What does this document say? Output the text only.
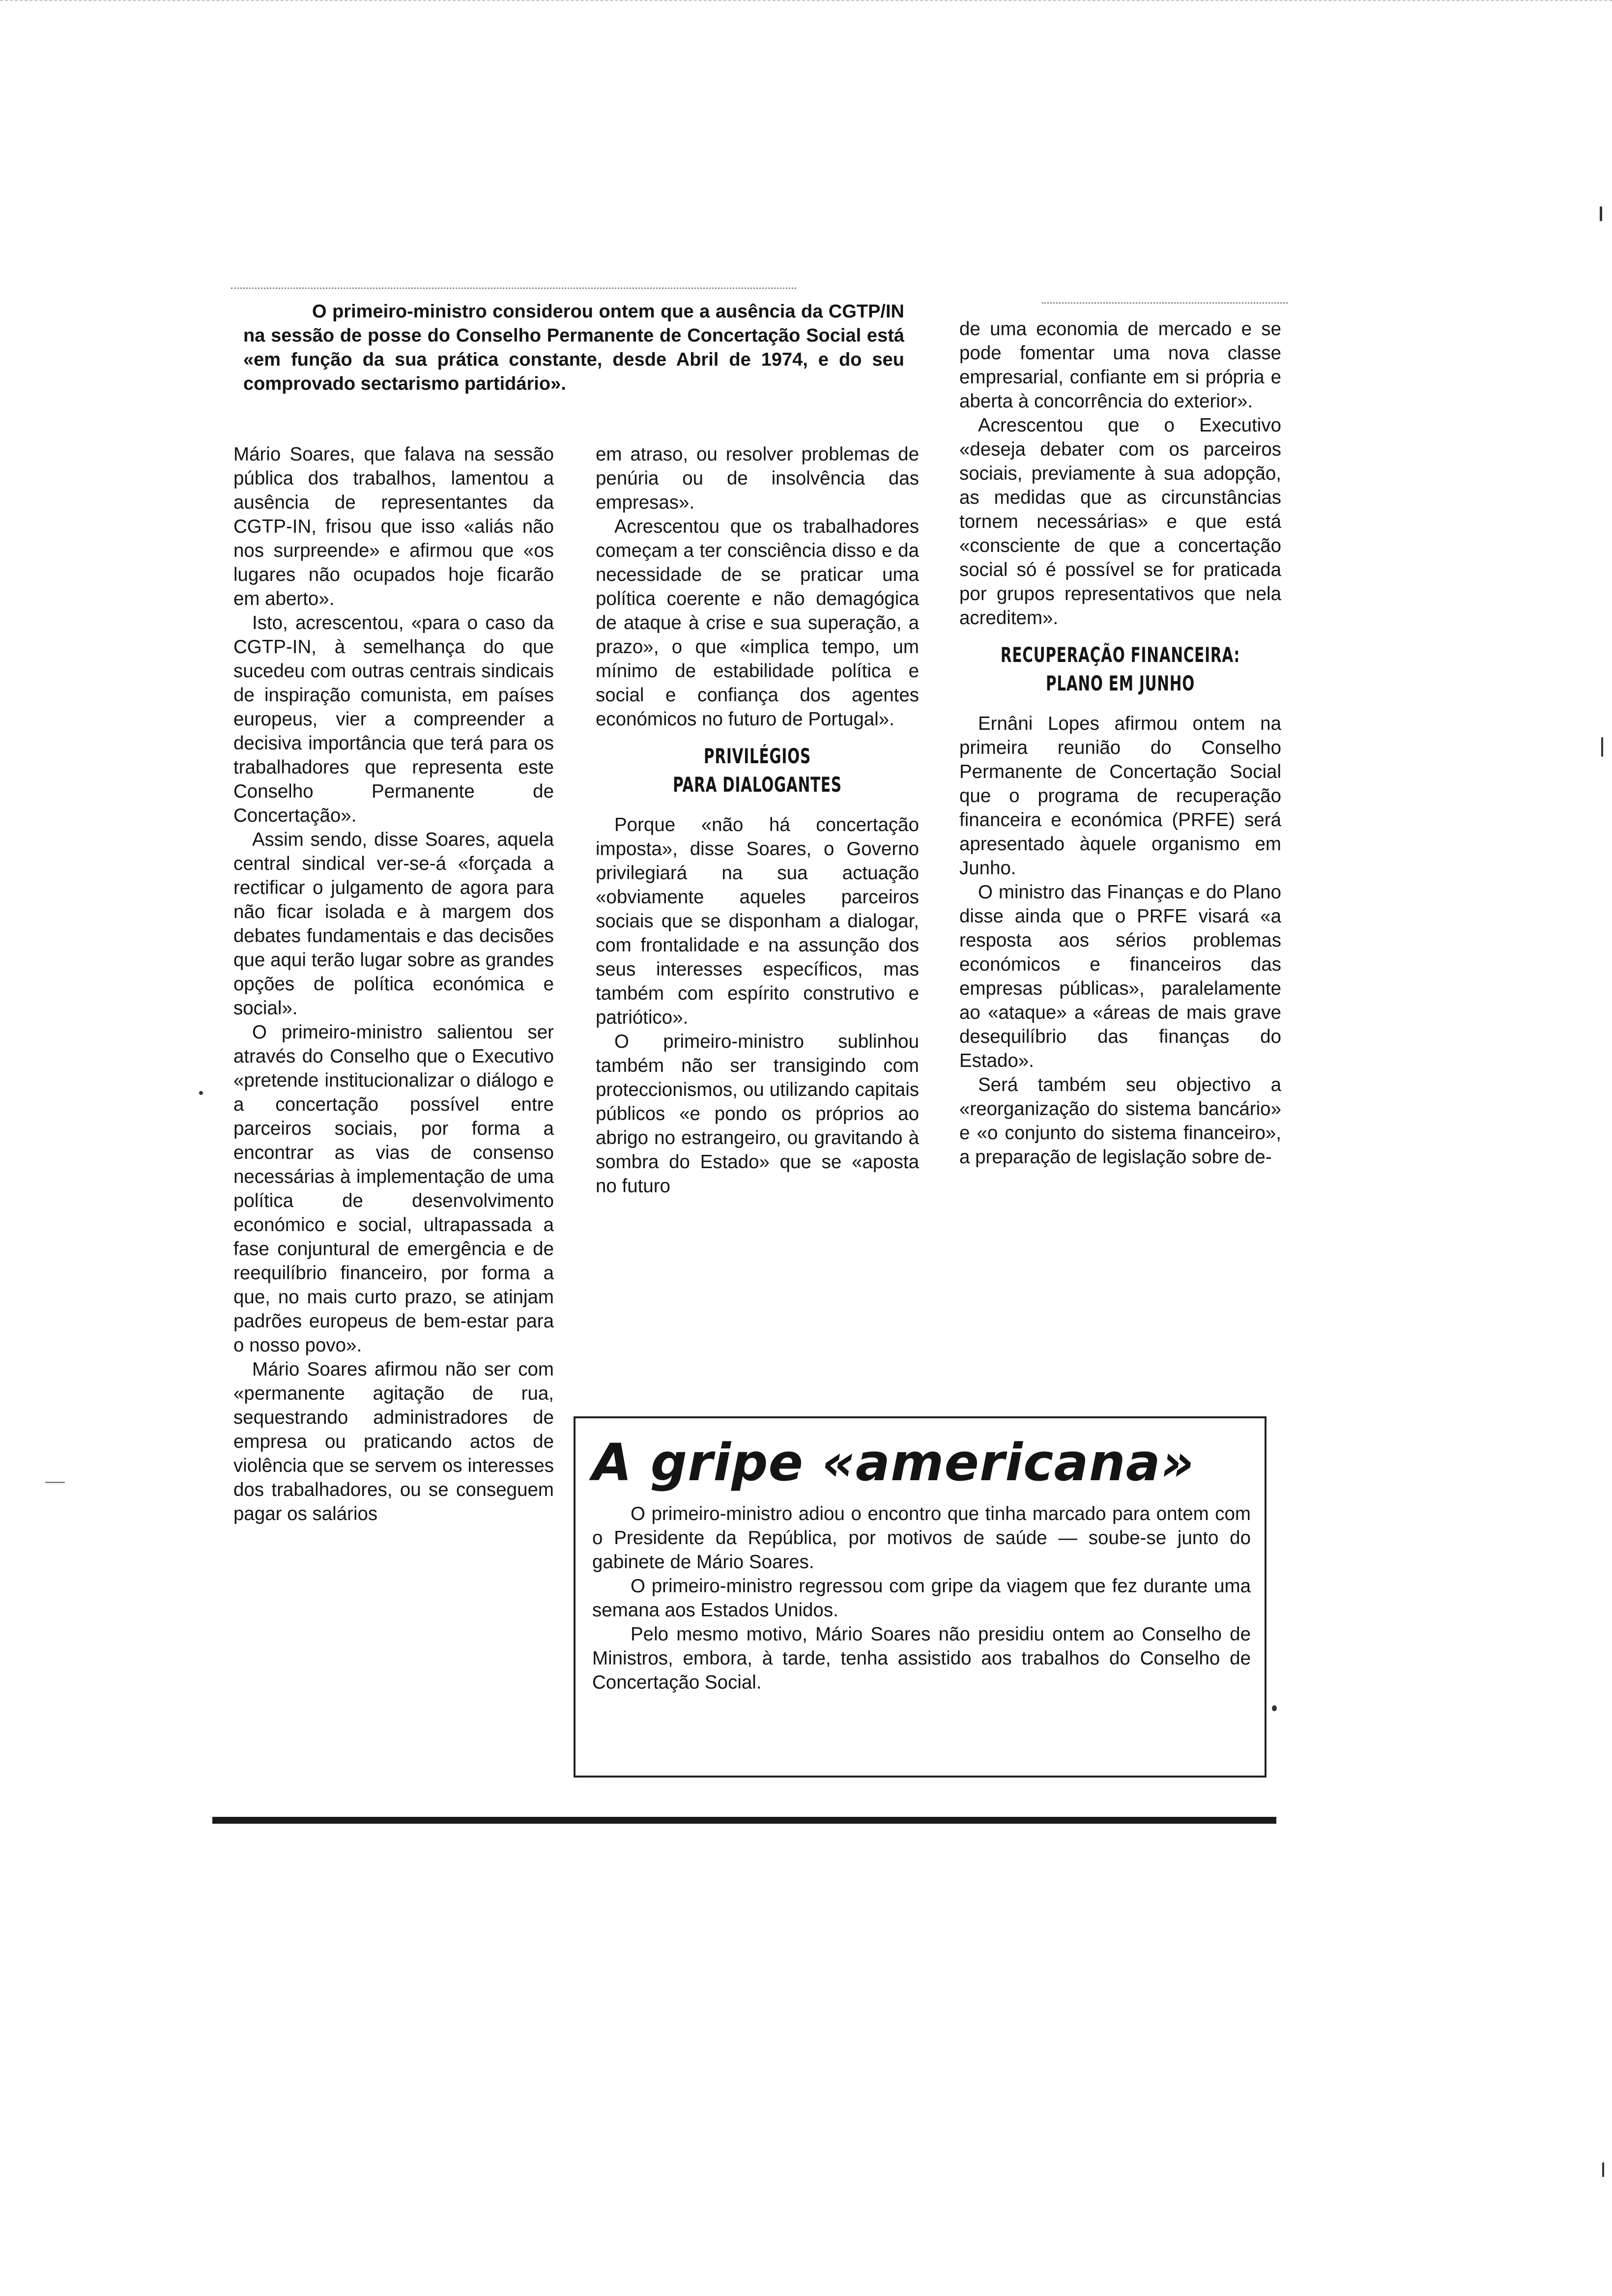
O primeiro-ministro considerou ontem que a ausência da CGTP/IN na sessão de posse do Conselho Permanente de Concertação Social está «em função da sua prática constante, desde Abril de 1974, e do seu comprovado sectarismo partidário».

Mário Soares, que falava na sessão pública dos trabalhos, lamentou a ausência de representantes da CGTP-IN, frisou que isso «aliás não nos surpreende» e afirmou que «os lugares não ocupados hoje ficarão em aberto».

Isto, acrescentou, «para o caso da CGTP-IN, à semelhança do que sucedeu com outras centrais sindicais de inspiração comunista, em países europeus, vier a compreender a decisiva importância que terá para os trabalhadores que representa este Conselho Permanente de Concertação».

Assim sendo, disse Soares, aquela central sindical ver-se-á «forçada a rectificar o julgamento de agora para não ficar isolada e à margem dos debates fundamentais e das decisões que aqui terão lugar sobre as grandes opções de política económica e social».

O primeiro-ministro salientou ser através do Conselho que o Executivo «pretende institucionalizar o diálogo e a concertação possível entre parceiros sociais, por forma a encontrar as vias de consenso necessárias à implementação de uma política de desenvolvimento económico e social, ultrapassada a fase conjuntural de emergência e de reequilíbrio financeiro, por forma a que, no mais curto prazo, se atinjam padrões europeus de bem-estar para o nosso povo».

Mário Soares afirmou não ser com «permanente agitação de rua, sequestrando administradores de empresa ou praticando actos de violência que se servem os interesses dos trabalhadores, ou se conseguem pagar os salários

em atraso, ou resolver problemas de penúria ou de insolvência das empresas».

Acrescentou que os trabalhadores começam a ter consciência disso e da necessidade de se praticar uma política coerente e não demagógica de ataque à crise e sua superação, a prazo», o que «implica tempo, um mínimo de estabilidade política e social e confiança dos agentes económicos no futuro de Portugal».

PRIVILÉGIOS
PARA DIALOGANTES

Porque «não há concertação imposta», disse Soares, o Governo privilegiará na sua actuação «obviamente aqueles parceiros sociais que se disponham a dialogar, com frontalidade e na assunção dos seus interesses específicos, mas também com espírito construtivo e patriótico».

O primeiro-ministro sublinhou também não ser transigindo com proteccionismos, ou utilizando capitais públicos «e pondo os próprios ao abrigo no estrangeiro, ou gravitando à sombra do Estado» que se «aposta no futuro

de uma economia de mercado e se pode fomentar uma nova classe empresarial, confiante em si própria e aberta à concorrência do exterior».

Acrescentou que o Executivo «deseja debater com os parceiros sociais, previamente à sua adopção, as medidas que as circunstâncias tornem necessárias» e que está «consciente de que a concertação social só é possível se for praticada por grupos representativos que nela acreditem».

RECUPERAÇÃO FINANCEIRA:
PLANO EM JUNHO

Ernâni Lopes afirmou ontem na primeira reunião do Conselho Permanente de Concertação Social que o programa de recuperação financeira e económica (PRFE) será apresentado àquele organismo em Junho.

O ministro das Finanças e do Plano disse ainda que o PRFE visará «a resposta aos sérios problemas económicos e financeiros das empresas públicas», paralelamente ao «ataque» a «áreas de mais grave desequilíbrio das finanças do Estado».

Será também seu objectivo a «reorganização do sistema bancário» e «o conjunto do sistema financeiro», a preparação de legislação sobre de-

A gripe «americana»

O primeiro-ministro adiou o encontro que tinha marcado para ontem com o Presidente da República, por motivos de saúde — soube-se junto do gabinete de Mário Soares.

O primeiro-ministro regressou com gripe da viagem que fez durante uma semana aos Estados Unidos.

Pelo mesmo motivo, Mário Soares não presidiu ontem ao Conselho de Ministros, embora, à tarde, tenha assistido aos trabalhos do Conselho de Concertação Social.
